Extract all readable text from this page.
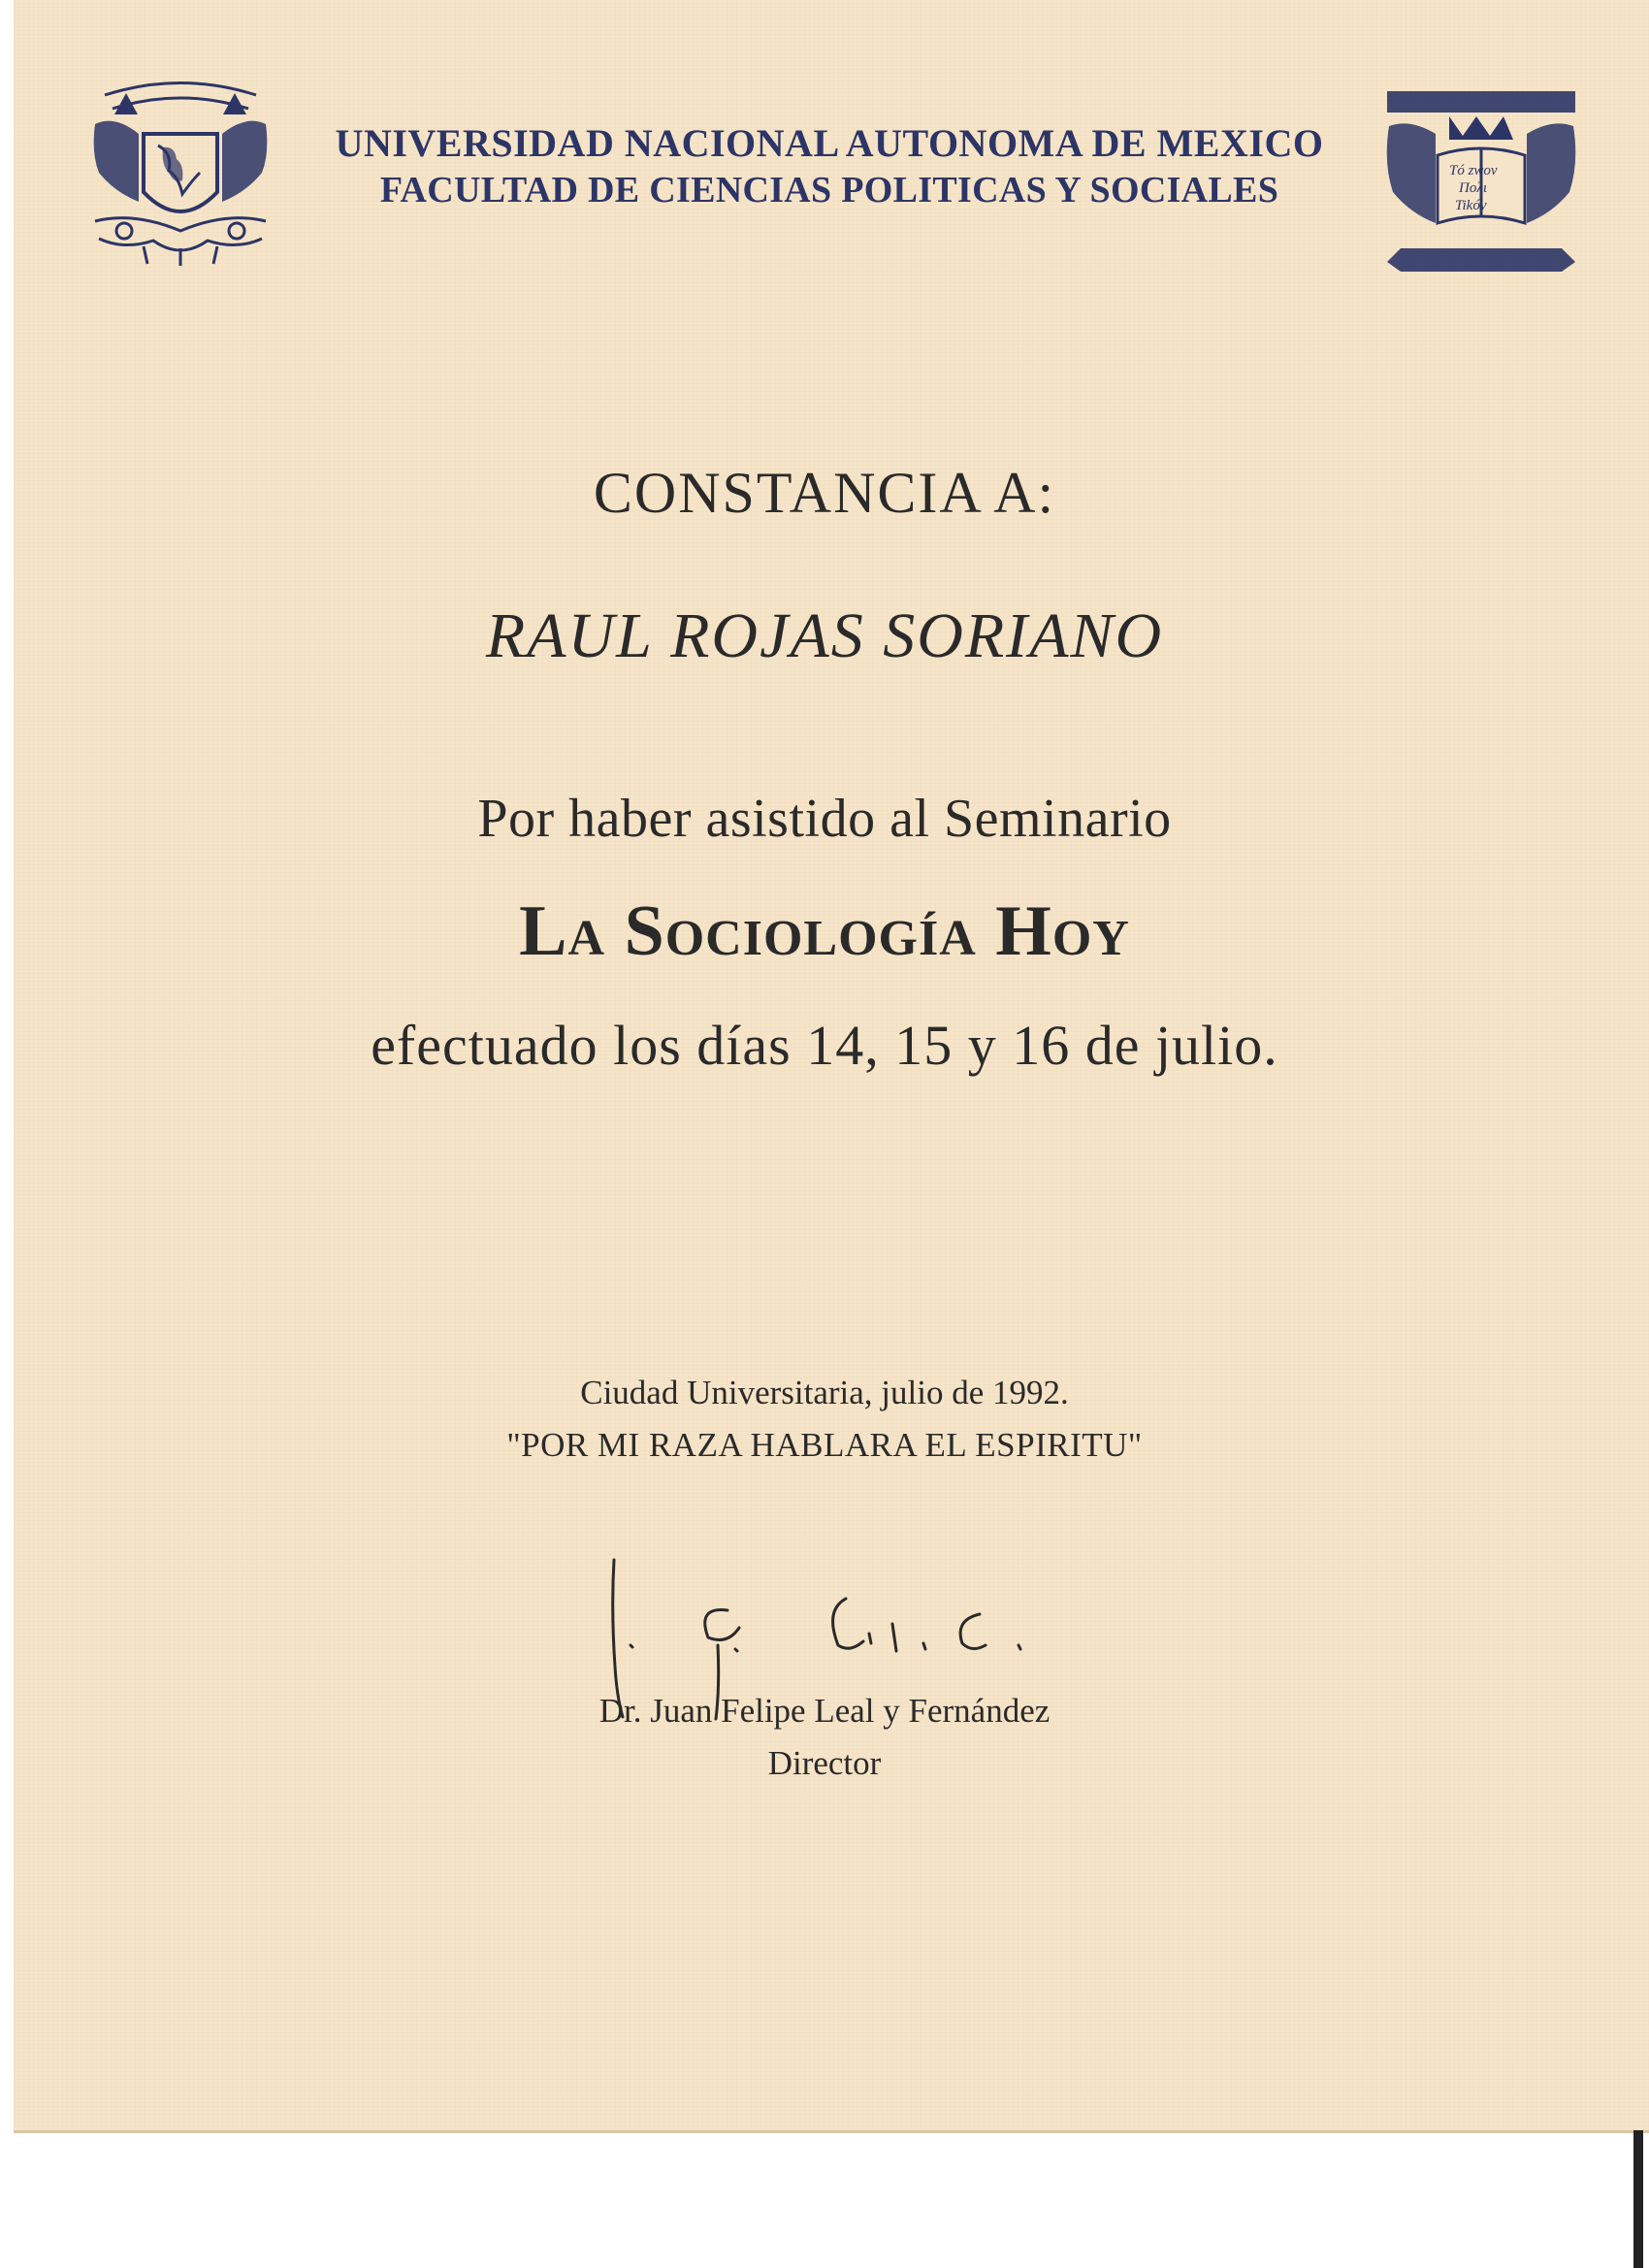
Tó zwov
Πολι
Tikóv
UNIVERSIDAD NACIONAL AUTONOMA DE MEXICO
FACULTAD DE CIENCIAS POLITICAS Y SOCIALES
CONSTANCIA A:
RAUL ROJAS SORIANO
Por haber asistido al Seminario
La Sociología Hoy
efectuado los días 14, 15 y 16 de julio.
Ciudad Universitaria, julio de 1992.
"POR MI RAZA HABLARA EL ESPIRITU"
Dr. Juan Felipe Leal y Fernández
Director
